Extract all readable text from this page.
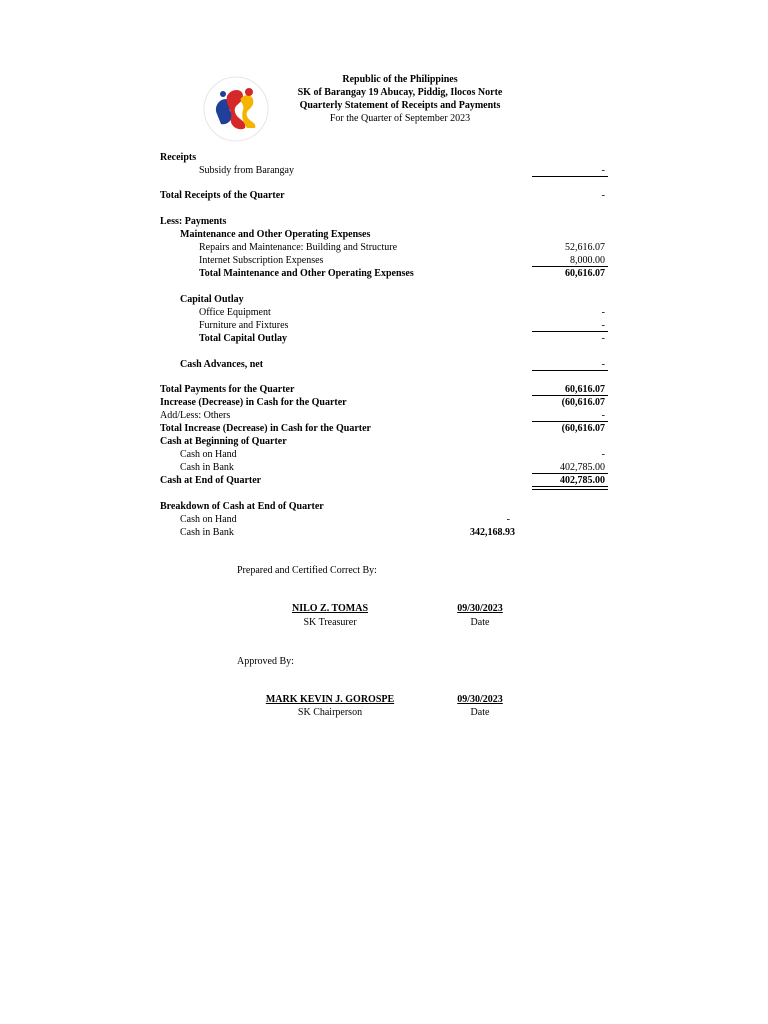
Republic of the Philippines
SK of Barangay 19 Abucay, Piddig, Ilocos Norte
Quarterly Statement of Receipts and Payments
For the Quarter of September 2023
Receipts
Subsidy from Barangay	-
Total Receipts of the Quarter	-
Less: Payments
Maintenance and Other Operating Expenses
Repairs and Maintenance: Building and Structure	52,616.07
Internet Subscription Expenses	8,000.00
Total Maintenance and Other Operating Expenses	60,616.07
Capital Outlay
Office Equipment	-
Furniture and Fixtures	-
Total Capital Outlay	-
Cash Advances, net	-
Total Payments for the Quarter	60,616.07
Increase (Decrease) in Cash for the Quarter	(60,616.07
Add/Less: Others	-
Total Increase (Decrease) in Cash for the Quarter	(60,616.07
Cash at Beginning of Quarter
Cash on Hand	-
Cash in Bank	402,785.00
Cash at End of Quarter	402,785.00
Breakdown of Cash at End of Quarter
Cash on Hand	-
Cash in Bank	342,168.93
Prepared and Certified Correct By:
NILO Z. TOMAS	09/30/2023
SK Treasurer	Date
Approved By:
MARK KEVIN J. GOROSPE	09/30/2023
SK Chairperson	Date
